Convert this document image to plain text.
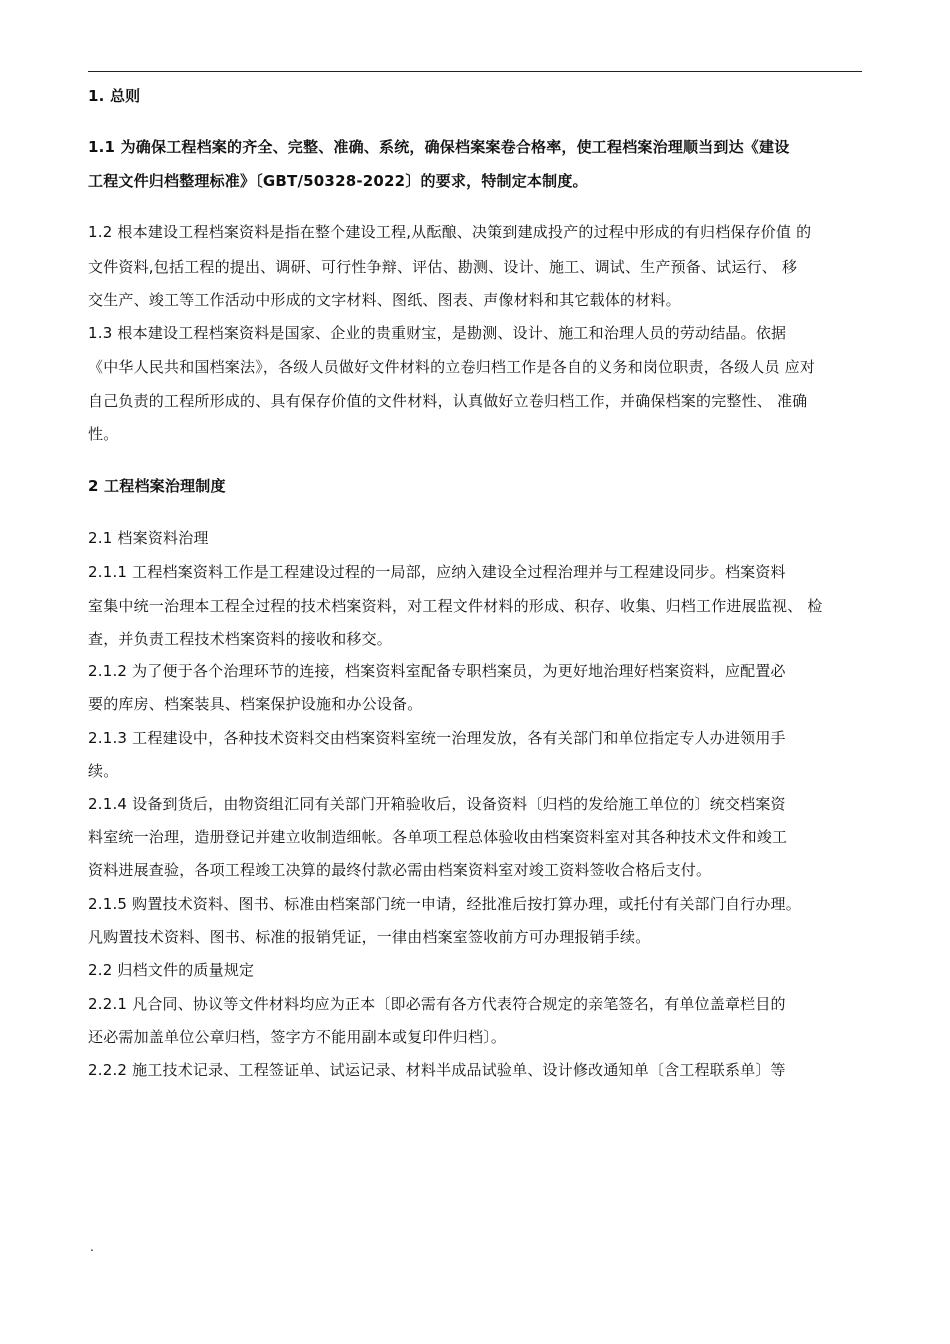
1. 总则
1.1 为确保工程档案的齐全、完整、准确、系统，确保档案案卷合格率，使工程档案治理顺当到达《建设
工程文件归档整理标准》〔GBT/50328-2022〕的要求，特制定本制度。
1.2 根本建设工程档案资料是指在整个建设工程,从酝酿、决策到建成投产的过程中形成的有归档保存价值 的
文件资料,包括工程的提出、调研、可行性争辩、评估、勘测、设计、施工、调试、生产预备、试运行、 移
交生产、竣工等工作活动中形成的文字材料、图纸、图表、声像材料和其它载体的材料。
1.3 根本建设工程档案资料是国家、企业的贵重财宝，是勘测、设计、施工和治理人员的劳动结晶。依据
《中华人民共和国档案法》，各级人员做好文件材料的立卷归档工作是各自的义务和岗位职责，各级人员 应对
自己负责的工程所形成的、具有保存价值的文件材料，认真做好立卷归档工作，并确保档案的完整性、 准确
性。
2 工程档案治理制度
2.1 档案资料治理
2.1.1 工程档案资料工作是工程建设过程的一局部，应纳入建设全过程治理并与工程建设同步。档案资料
室集中统一治理本工程全过程的技术档案资料，对工程文件材料的形成、积存、收集、归档工作进展监视、 检
查，并负责工程技术档案资料的接收和移交。
2.1.2 为了便于各个治理环节的连接，档案资料室配备专职档案员，为更好地治理好档案资料，应配置必
要的库房、档案装具、档案保护设施和办公设备。
2.1.3 工程建设中，各种技术资料交由档案资料室统一治理发放，各有关部门和单位指定专人办进领用手
续。
2.1.4 设备到货后，由物资组汇同有关部门开箱验收后，设备资料〔归档的发给施工单位的〕统交档案资
料室统一治理，造册登记并建立收制造细帐。各单项工程总体验收由档案资料室对其各种技术文件和竣工
资料进展查验，各项工程竣工决算的最终付款必需由档案资料室对竣工资料签收合格后支付。
2.1.5 购置技术资料、图书、标准由档案部门统一申请，经批准后按打算办理，或托付有关部门自行办理。
凡购置技术资料、图书、标准的报销凭证，一律由档案室签收前方可办理报销手续。
2.2 归档文件的质量规定
2.2.1 凡合同、协议等文件材料均应为正本〔即必需有各方代表符合规定的亲笔签名，有单位盖章栏目的
还必需加盖单位公章归档，签字方不能用副本或复印件归档〕。
2.2.2 施工技术记录、工程签证单、试运记录、材料半成品试验单、设计修改通知单〔含工程联系单〕等
.
